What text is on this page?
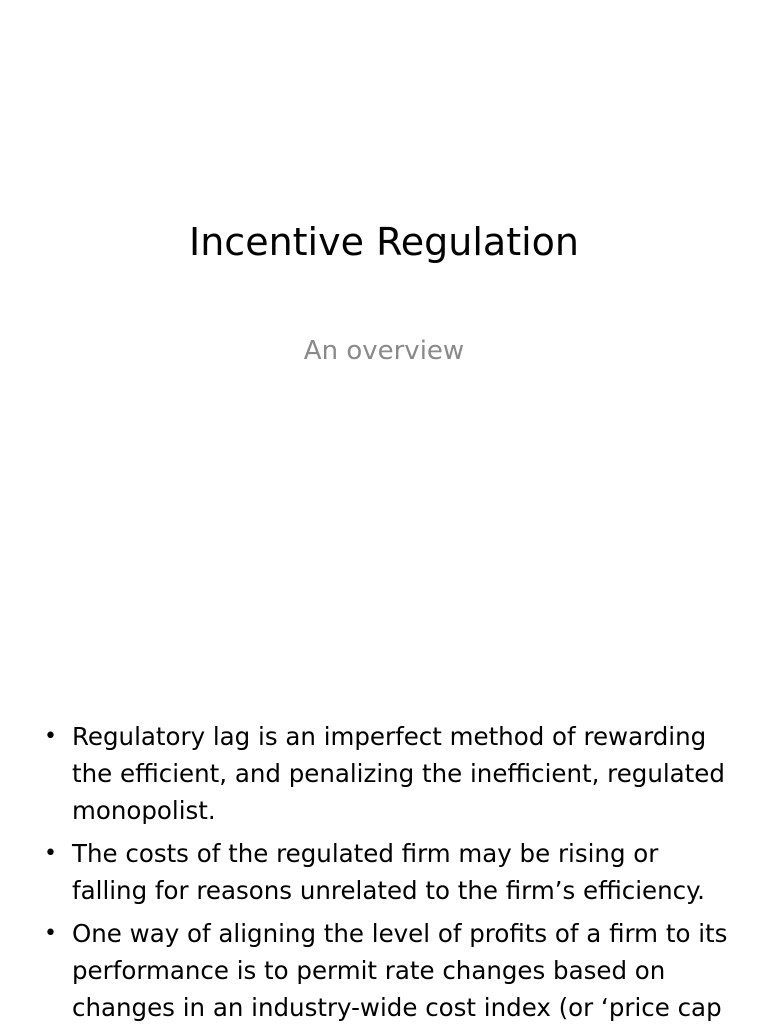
Incentive Regulation
An overview
• Regulatory lag is an imperfect method of rewarding the efficient, and penalizing the inefficient, regulated monopolist.
• The costs of the regulated firm may be rising or falling for reasons unrelated to the firm’s efficiency.
• One way of aligning the level of profits of a firm to its performance is to permit rate changes based on changes in an industry-wide cost index (or ‘price cap
